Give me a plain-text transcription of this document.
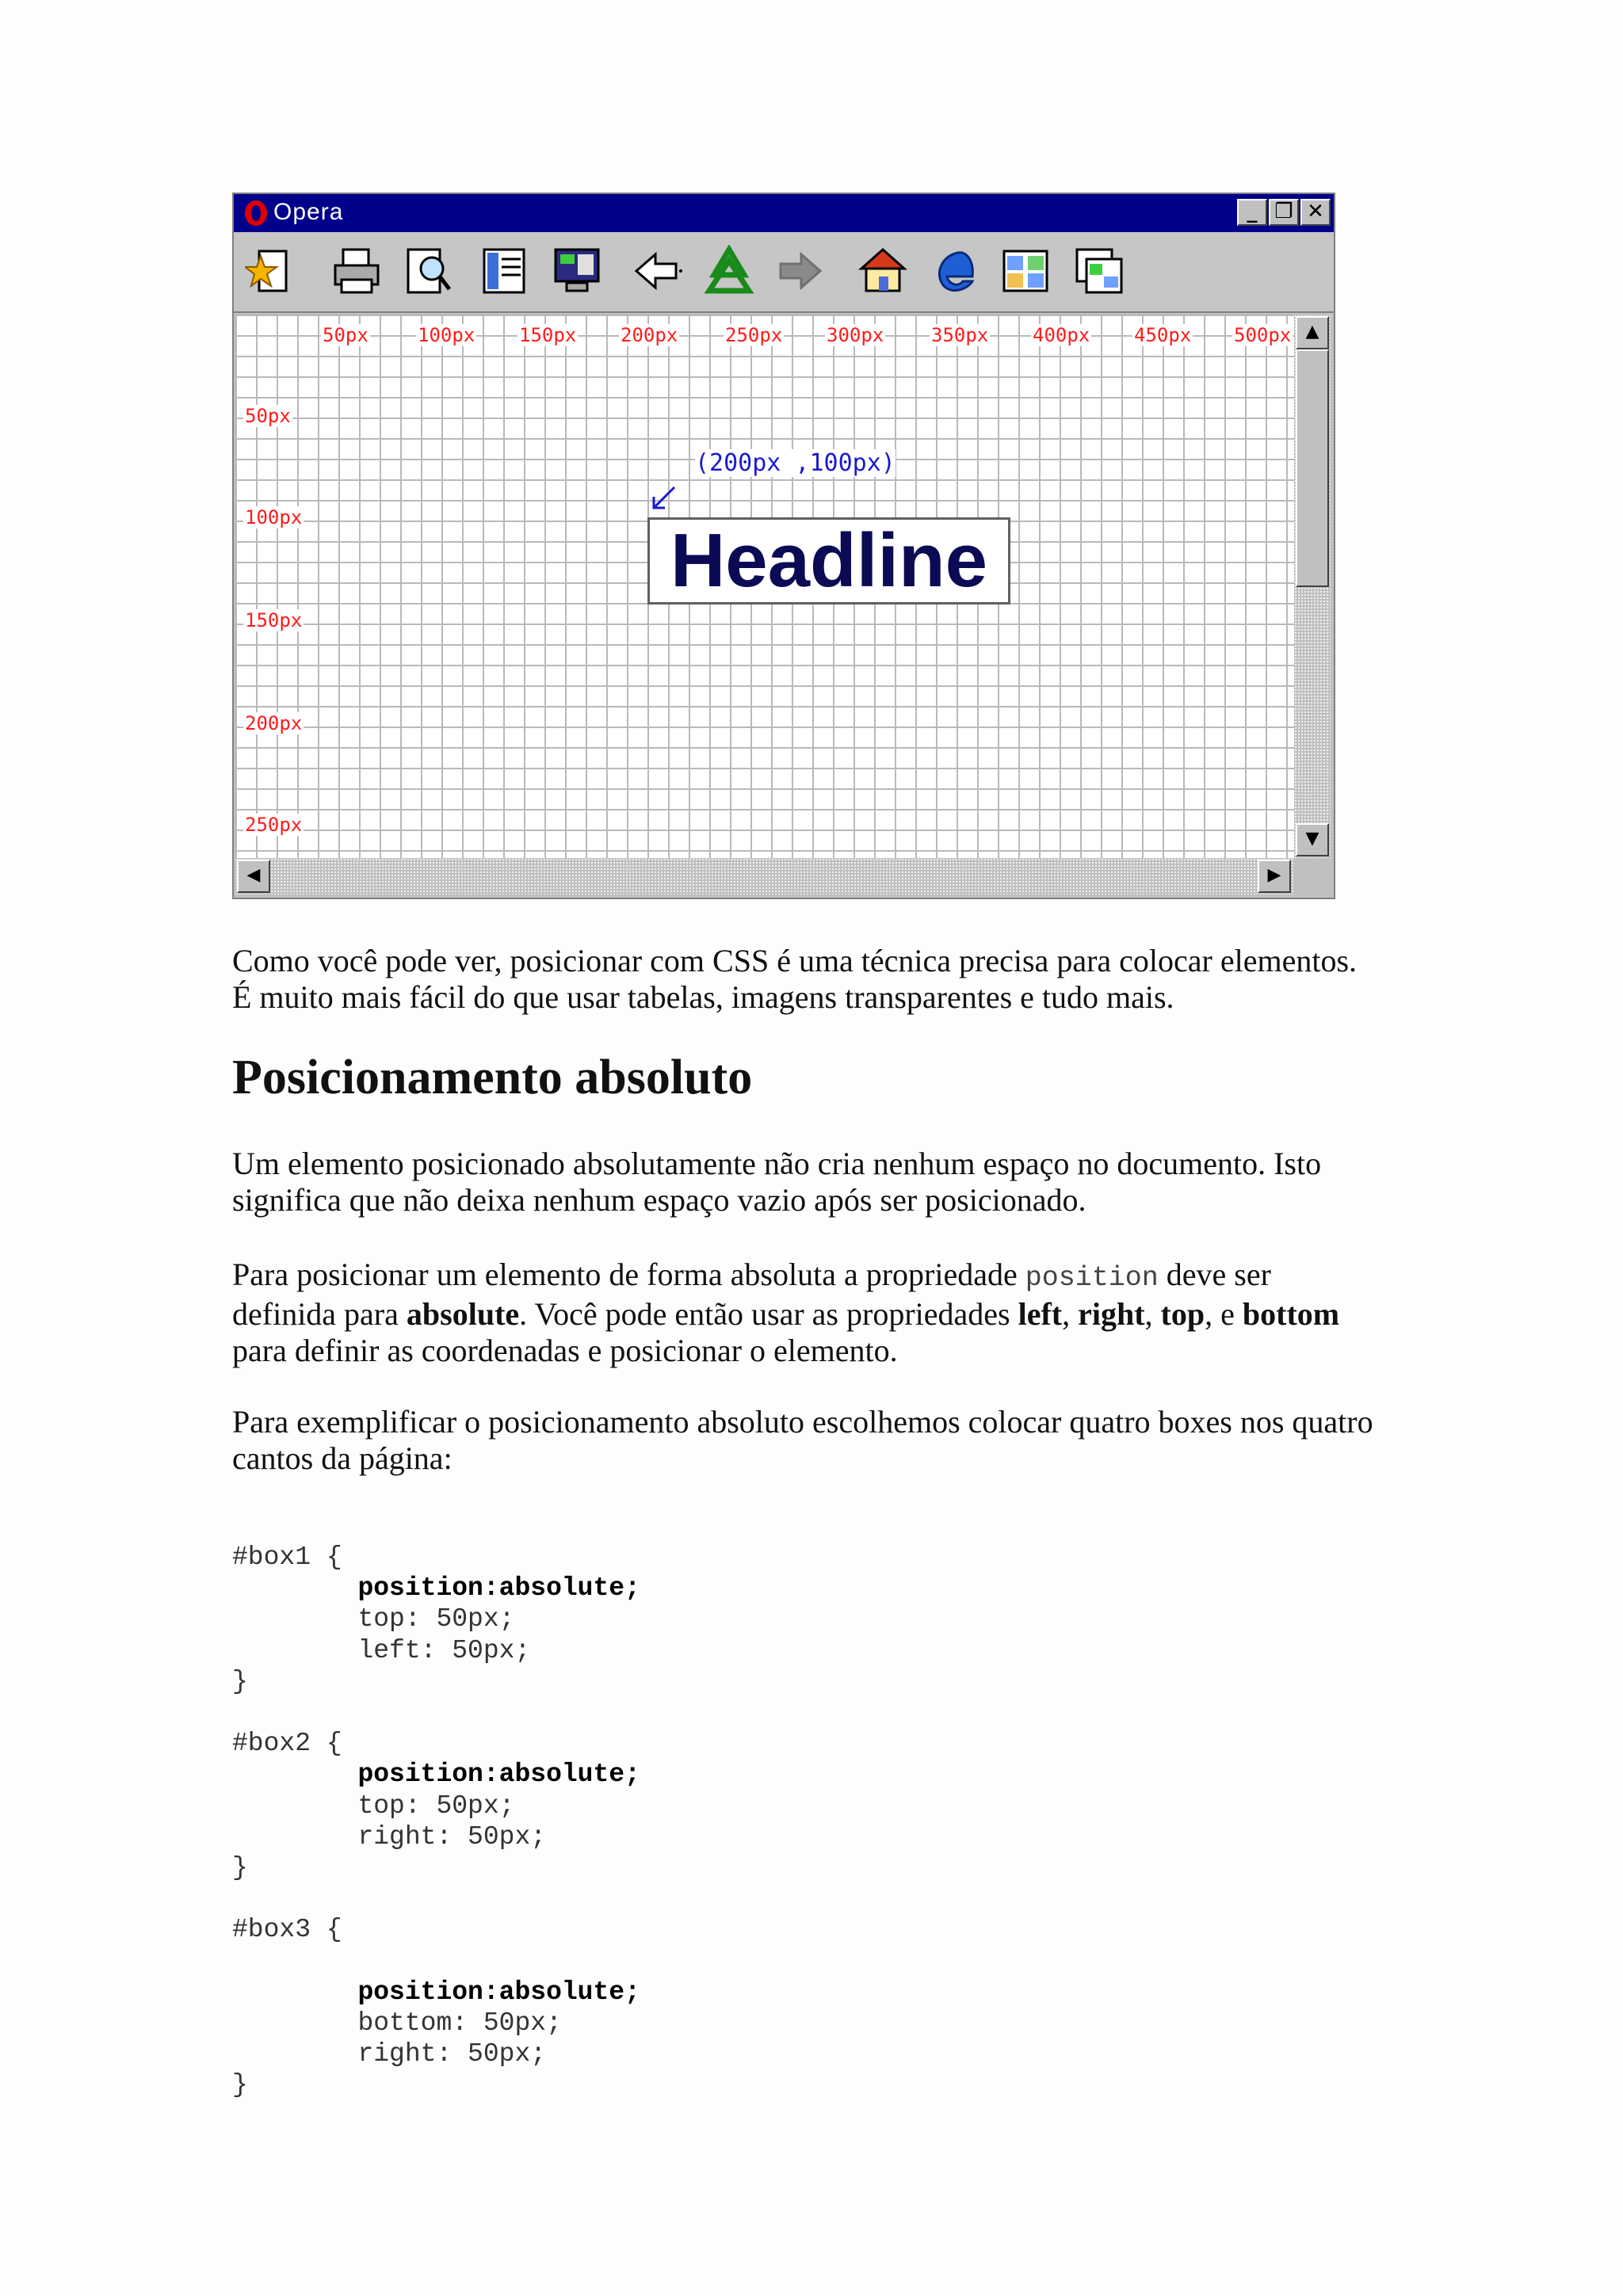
Opera	_ ❐ ✕
50px	100px 150px 200px 250px 300px 350px 400px 450px 500px
50px
100px
150px
200px
250px
(200px ,100px)
Headline
▲
▼
◀	▶

Como você pode ver, posicionar com CSS é uma técnica precisa para colocar elementos.
É muito mais fácil do que usar tabelas, imagens transparentes e tudo mais.

Posicionamento absoluto

Um elemento posicionado absolutamente não cria nenhum espaço no documento. Isto
significa que não deixa nenhum espaço vazio após ser posicionado.

Para posicionar um elemento de forma absoluta a propriedade position deve ser
definida para absolute. Você pode então usar as propriedades left, right, top, e bottom
para definir as coordenadas e posicionar o elemento.

Para exemplificar o posicionamento absoluto escolhemos colocar quatro boxes nos quatro
cantos da página:

#box1 {
position:absolute;
top: 50px;
left: 50px;
}

#box2 {
position:absolute;
top: 50px;
right: 50px;
}

#box3 {

position:absolute;
bottom: 50px;
right: 50px;
}
